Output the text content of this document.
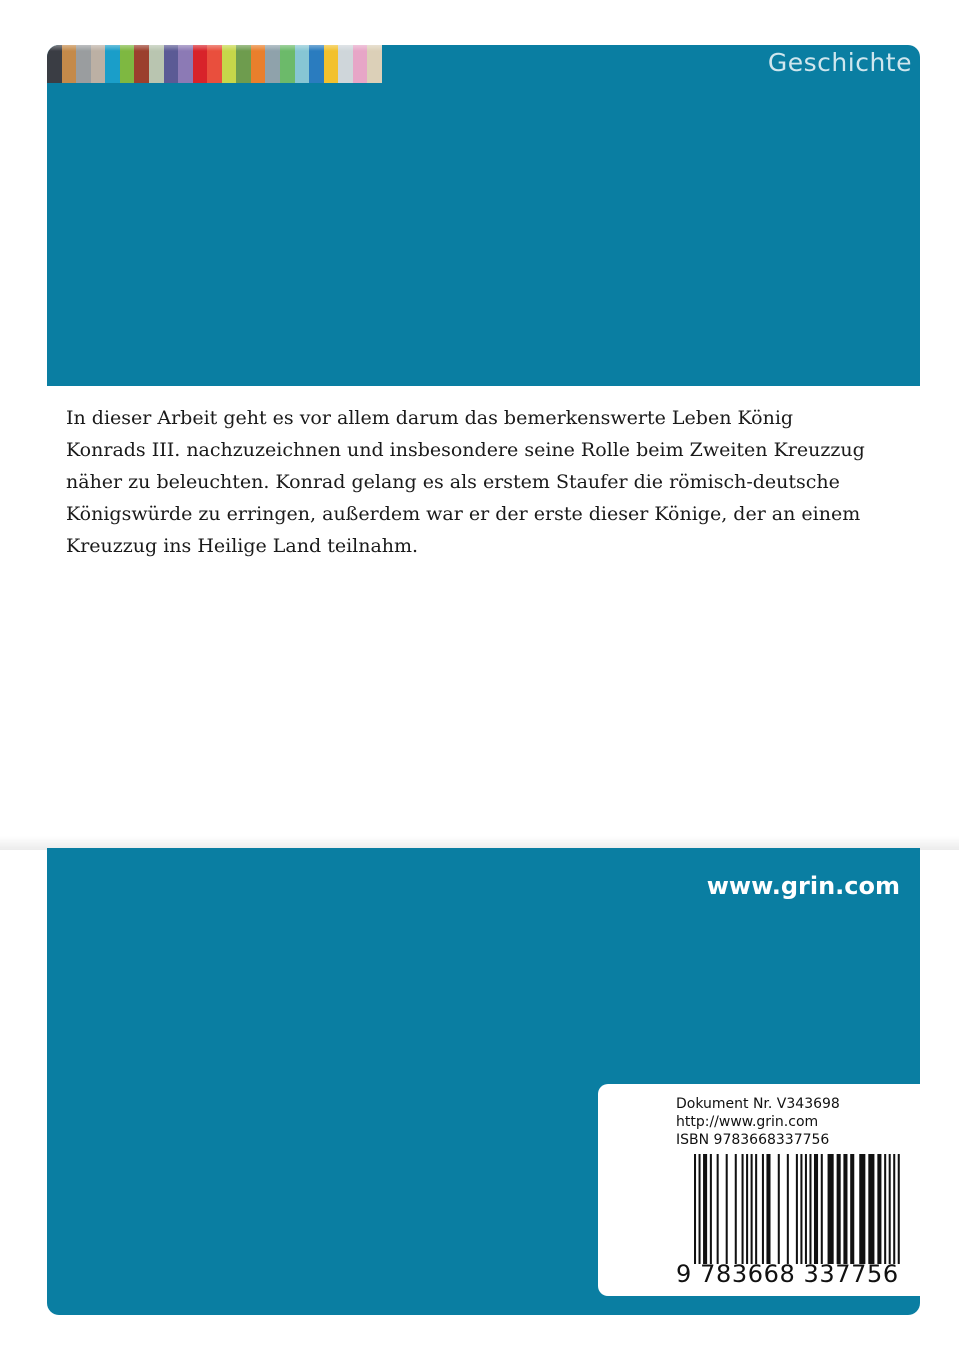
Geschichte

In dieser Arbeit geht es vor allem darum das bemerkenswerte Leben König Konrads III. nachzuzeichnen und insbesondere seine Rolle beim Zweiten Kreuzzug näher zu beleuchten. Konrad gelang es als erstem Staufer die römisch-deutsche Königswürde zu erringen, außerdem war er der erste dieser Könige, der an einem Kreuzzug ins Heilige Land teilnahm.

www.grin.com
Dokument Nr. V343698
http://www.grin.com
ISBN 9783668337756
9 783668 337756
